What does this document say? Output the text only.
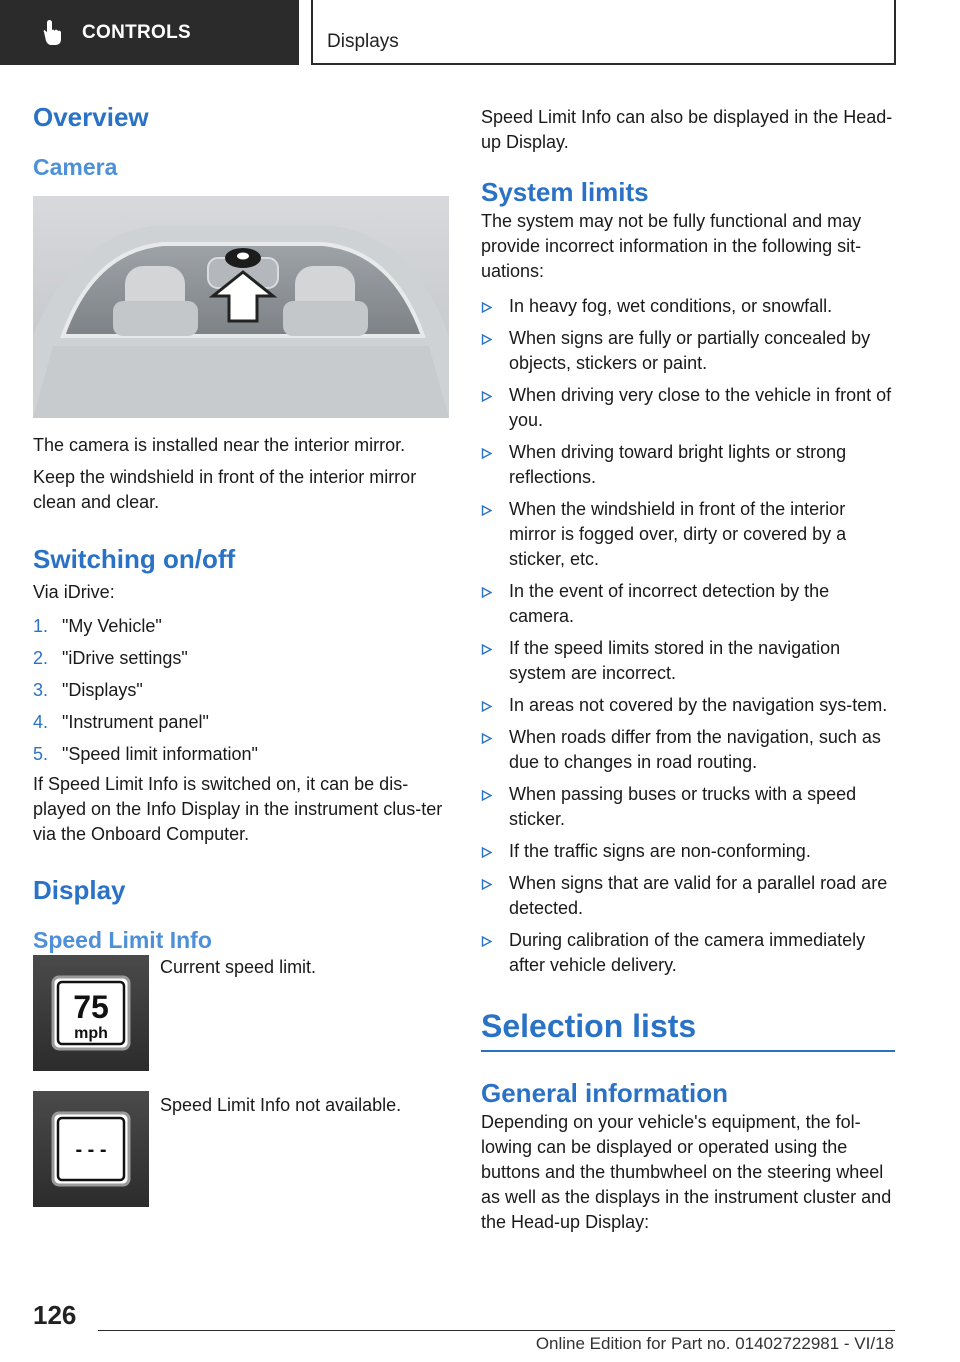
CONTROLS	Displays
Overview
Camera

The camera is installed near the interior mirror.

Keep the windshield in front of the interior mirror clean and clear.

Switching on/off

Via iDrive:

1. "My Vehicle"
2. "iDrive settings"
3. "Displays"
4. "Instrument panel"
5. "Speed limit information"

If Speed Limit Info is switched on, it can be dis‐played on the Info Display in the instrument clus‐ter via the Onboard Computer.

Display
Speed Limit Info
75
mph

Current speed limit.

- - -

Speed Limit Info not available.

Speed Limit Info can also be displayed in the Head-up Display.

System limits

The system may not be fully functional and may provide incorrect information in the following sit‐uations:

In heavy fog, wet conditions, or snowfall.
When signs are fully or partially concealed by objects, stickers or paint.
When driving very close to the vehicle in front of you.
When driving toward bright lights or strong reflections.
When the windshield in front of the interior mirror is fogged over, dirty or covered by a sticker, etc.
In the event of incorrect detection by the camera.
If the speed limits stored in the navigation system are incorrect.
In areas not covered by the navigation sys‐tem.
When roads differ from the navigation, such as due to changes in road routing.
When passing buses or trucks with a speed sticker.
If the traffic signs are non-conforming.
When signs that are valid for a parallel road are detected.
During calibration of the camera immediately after vehicle delivery.
Selection lists
General information

Depending on your vehicle's equipment, the fol‐lowing can be displayed or operated using the buttons and the thumbwheel on the steering wheel as well as the displays in the instrument cluster and the Head-up Display:

126
Online Edition for Part no. 01402722981 - VI/18
